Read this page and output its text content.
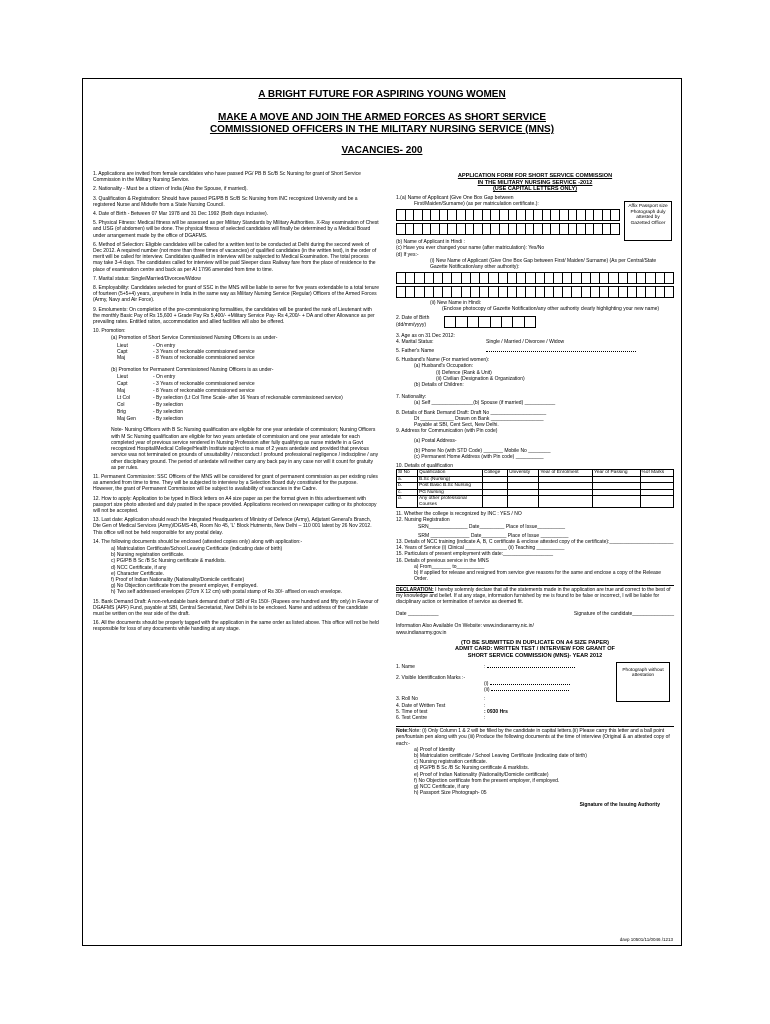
A BRIGHT FUTURE FOR ASPIRING YOUNG WOMEN
MAKE A MOVE AND JOIN THE ARMED FORCES AS SHORT SERVICE
COMMISSIONED OFFICERS IN THE MILITARY NURSING SERVICE (MNS)
VACANCIES- 200

1. Applications are invited from female candidates who have passed PG/ PB B Sc/B Sc Nursing for grant of Short Service Commission in the Military Nursing Service.

2. Nationality - Must be a citizen of India (Also the Spouse, if married).

3. Qualification & Registration: Should have passed PG/PB B Sc/B Sc Nursing from INC recognized University and be a registered Nurse and Midwife from a State Nursing Council.

4. Date of Birth - Between 07 Mar 1978 and 31 Dec 1992 (Both days inclusive).

5. Physical Fitness: Medical fitness will be assessed as per Military Standards by Military Authorities. X-Ray examination of Chest and USG (of abdomen) will be done. The physical fitness of selected candidates will finally be determined by a Medical Board under arrangement made by the office of DGAFMS.

6. Method of Selection: Eligible candidates will be called for a written test to be conducted at Delhi during the second week of Dec 2012. A required number (not more than three times of vacancies) of qualified candidates (in the written test), in the order of merit will be called for interview. Candidates qualified in interview will be subjected to Medical Examination. The total process may take 3-4 days. The candidates called for interview will be paid Sleeper class Railway fare from the place of residence to the place of examination centre and back as per AI 17/96 amended from time to time.

7. Marital status: Single/Married/Divorcee/Widow

8. Employability: Candidates selected for grant of SSC in the MNS will be liable to serve for five years extendable to a total tenure of fourteen (5+5+4) years, anywhere in India in the same way as Military Nursing Service (Regular) Officers of the Armed Forces (Army, Navy and Air Force).

9. Emoluments: On completion of the pre-commissioning formalities, the candidates will be granted the rank of Lieutenant with the monthly Basic Pay of Rs 15,600 + Grade Pay Rs 5,400/- +Military Service Pay- Rs 4,200/- + DA and other Allowance as per prevailing rates. Entitled ration, accommodation and allied facilities will also be offered.

10. Promotion:

(a) Promotion of Short Service Commissioned Nursing Officers is as under-

Lieut	- On entry
Capt	- 3 Years of reckonable commissioned service
Maj	- 8 Years of reckonable commissioned service

(b) Promotion for Permanent Commissioned Nursing Officers is as under-

Lieut	- On entry
Capt	- 3 Years of reckonable commissioned service
Maj	- 8 Years of reckonable commissioned service
Lt Col	- By selection (Lt Col Time Scale- after 16 Years of reckonable commissioned service)
Col	- By selection
Brig	- By selection
Maj Gen	- By selection

Note- Nursing Officers with B Sc Nursing qualification are eligible for one year antedate of commission; Nursing Officers with M Sc Nursing qualification are eligible for two years antedate of commission and one year antedate for each completed year of previous service rendered in Nursing Profession after fully qualifying as nurse midwife in a Govt recognized Hospital/Medical College/Health Institute subject to a max of 2 years antedate and provided that previous service was not terminated on grounds of unsuitability / misconduct / profound professional negligence / indiscipline / any other disciplinary ground. The period of antedate will neither carry any back pay in any case nor will it count for gratuity as per rules.

11. Permanent Commission: SSC Officers of the MNS will be considered for grant of permanent commission as per existing rules as amended from time to time. They will be subjected to interview by a Selection Board duly constituted for the purpose. However, the grant of Permanent Commission will be subject to availability of vacancies in the Cadre.

12. How to apply: Application to be typed in Block letters on A4 size paper as per the format given in this advertisement with passport size photo attested and duly pasted in the space provided. Applications received on newspaper cutting or its photocopy will not be accepted.

13. Last date: Application should reach the Integrated Headquarters of Ministry of Defence (Army), Adjutant General's Branch, Dte Gen of Medical Services (Army)/DGMS-4B, Room No 45, 'L' Block Hutments, New Delhi – 110 001 latest by 26 Nov 2012. This office will not be held responsible for any postal delay.

14. The following documents should be enclosed (attested copies only) along with application:-

a) Matriculation Certificate/School Leaving Certificate (indicating date of birth)
b) Nursing registration certificate.
c) PG/PB B Sc /B Sc Nursing certificate & marklists.
d) NCC Certificate, if any
e) Character Certificate.
f) Proof of Indian Nationality (Nationality/Domicile certificate)
g) No Objection certificate from the present employer, if employed.
h) Two self addressed envelopes (27cm X 12 cm) with postal stamp of Rs 30/- affixed on each envelope.

15. Bank Demand Draft: A non-refundable bank demand draft of SBI of Rs 150/- (Rupees one hundred and fifty only) in Favour of DGAFMS (APF) Fund, payable at SBI, Central Secretariat, New Delhi is to be enclosed. Name and address of the candidate must be written on the rear side of the draft.

16. All the documents should be properly tagged with the application in the same order as listed above. This office will not be held responsible for loss of any documents while handling at any stage.

APPLICATION FORM FOR SHORT SERVICE COMMISSION
IN THE MILITARY NURSING SERVICE -2012
(USE CAPITAL LETTERS ONLY)
1.(a) Name of Applicant (Give One Box Gap between
First/Maiden/Surname) (as per matriculation certificate.):
(b) Name of Applicant in Hindi :
(c) Have you ever changed your name (after matriculation): Yes/No
(d) If yes:-
(i) New Name of Applicant (Give One Box Gap between First/ Maiden/ Surname) (As per Central/State Gazette Notification/any other authority):
(ii) New Name in Hindi:
(Enclose photocopy of Gazette Notification/any other authority clearly highlighting your new name)
2. Date of Birth (dd/mm/yyyy)
3. Age as on 31 Dec 2012:
4. Marital Status:	Single / Married / Divorcee / Widow
5. Father's Name
6. Husband's Name (For married women):
(a) Husband's Occupation:
(i) Defence (Rank & Unit)
(ii) Civilian (Designation & Organization)
(b) Details of Children:
7. Nationality:
(a) Self _______________(b) Spouse (if married) ___________
8. Details of Bank Demand Draft: Draft No ____________________
Dt ____________ Drawn on Bank ___________________
Payable at SBI, Cent Sect, New Delhi.
9. Address for Communication (with Pin code)
(a) Postal Address-
(b) Phone No (with STD Code) _______ Mobile No ________
(c) Permanent Home Address (with Pin code) __________
10. Details of qualification
Sl No	Qualification	College	University	Year of Enrolment	Year of Passing	%of Marks
a.	B.Sc (Nursing)					
b.	Post Basic B.Sc Nursing					
c.	PG Nursing					
d.	Any other professional Courses					
11. Whether the college is recognized by INC : YES / NO
12. Nursing Registration
SRN______________ Date_________ Place of Issue__________
SRM ______________ Date_________ Place of Issue __________
13. Details of NCC training (indicate A, B, C certificate & enclose attested copy of the certificate):_______________________
14. Years of Service (i) Clinical _______________ (ii) Teaching __________
15. Particulars of present employment with date:__________________
16. Details of previous service in the MNS
a) From_______ to__________
b) If applied for release and resigned from service give reasons for the same and enclose a copy of the Release Order.
DECLARATION: I hereby solemnly declare that all the statements made in the application are true and correct to the best of my knowledge and belief. If at any stage, information furnished by me is found to be false or incorrect, I will be liable for disciplinary action or termination of service as deemed fit.
Date ___________	Signature of the candidate_______________
Information Also Available On Website: www.indianarmy.nic.in/
www.indianarmy.gov.in
(TO BE SUBMITTED IN DUPLICATE ON A4 SIZE PAPER)
ADMIT CARD: WRITTEN TEST / INTERVIEW FOR GRANT OF
SHORT SERVICE COMMISSION (MNS)- YEAR 2012
1. Name	:
2. Visible Identification Marks :-
(i)
(ii)
3. Roll No	:
4. Date of Written Test	:
5. Time of test	: 0930 Hrs
6. Test Centre	:
Photograph without attestation
Note:Note: (i) Only Column 1 & 2 will be filled by the candidate in capital letters.(ii) Please carry this letter and a ball point pen/fountain pen along with you (iii) Produce the following documents at the time of interview (Original & an attested copy of each:-
a) Proof of Identity
b) Matriculation certificate / School Leaving Certificate (indicating date of birth)
c) Nursing registration certificate.
d) PG/PB B Sc /B Sc Nursing certificate & marklists.
e) Proof of Indian Nationality (Nationality/Domicile certificate)
f) No Objection certificate from the present employer, if employed.
g) NCC Certificate, if any
h) Passport Size Photograph- 05
Signature of the Issuing Authority
Affix Passport size Photograph duly attested by Gazetted Officer
davp 10501/11/0046 /1213
